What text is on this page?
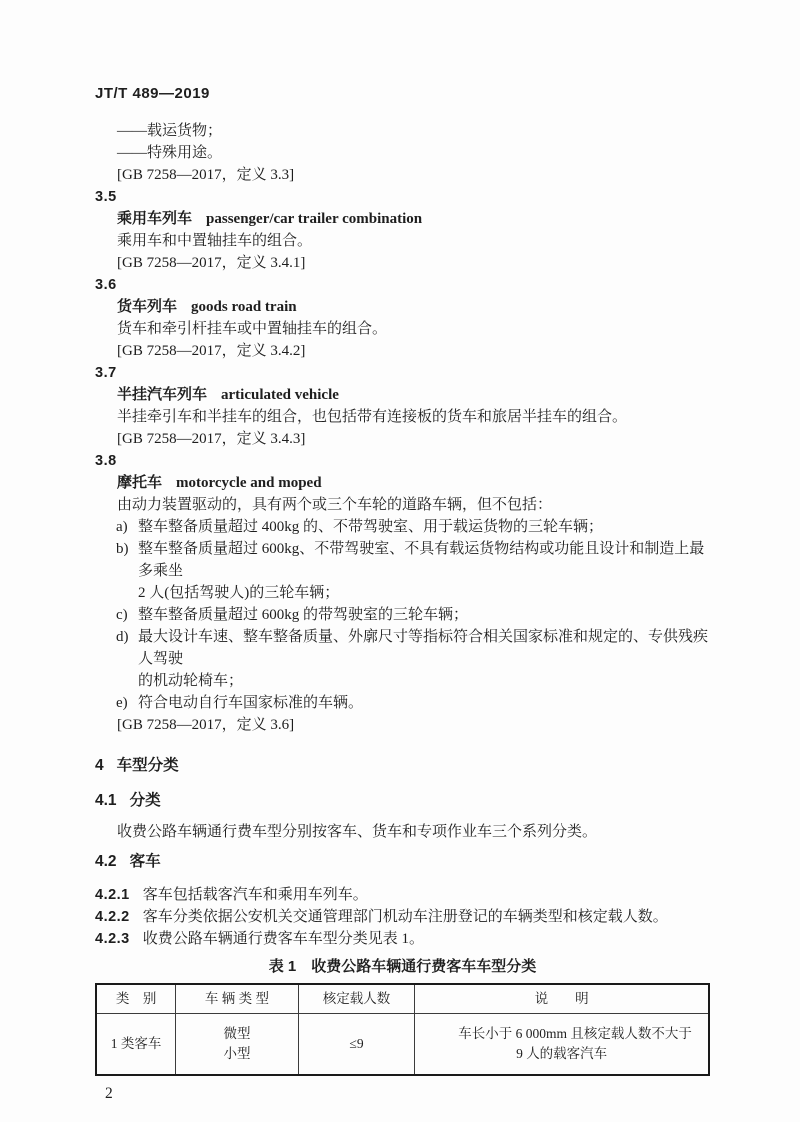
JT/T 489—2019
——载运货物；
——特殊用途。
[GB 7258—2017，定义 3.3]
3.5
乘用车列车 passenger/car trailer combination
乘用车和中置轴挂车的组合。
[GB 7258—2017，定义 3.4.1]
3.6
货车列车 goods road train
货车和牵引杆挂车或中置轴挂车的组合。
[GB 7258—2017，定义 3.4.2]
3.7
半挂汽车列车 articulated vehicle
半挂牵引车和半挂车的组合，也包括带有连接板的货车和旅居半挂车的组合。
[GB 7258—2017，定义 3.4.3]
3.8
摩托车 motorcycle and moped
由动力装置驱动的，具有两个或三个车轮的道路车辆，但不包括：
a) 整车整备质量超过 400kg 的、不带驾驶室、用于载运货物的三轮车辆；
b) 整车整备质量超过 600kg、不带驾驶室、不具有载运货物结构或功能且设计和制造上最多乘坐
2 人(包括驾驶人)的三轮车辆；
c) 整车整备质量超过 600kg 的带驾驶室的三轮车辆；
d) 最大设计车速、整车整备质量、外廓尺寸等指标符合相关国家标准和规定的、专供残疾人驾驶
的机动轮椅车；
e) 符合电动自行车国家标准的车辆。
[GB 7258—2017，定义 3.6]
4 车型分类
4.1 分类
收费公路车辆通行费车型分别按客车、货车和专项作业车三个系列分类。
4.2 客车
4.2.1 客车包括载客汽车和乘用车列车。
4.2.2 客车分类依据公安机关交通管理部门机动车注册登记的车辆类型和核定载人数。
4.2.3 收费公路车辆通行费客车车型分类见表 1。
表 1　收费公路车辆通行费客车车型分类
类　别	车 辆 类 型	核定载人数	说　　明
1 类客车	微型
小型	≤9	车长小于 6 000mm 且核定载人数不大于
9 人的载客汽车
2
